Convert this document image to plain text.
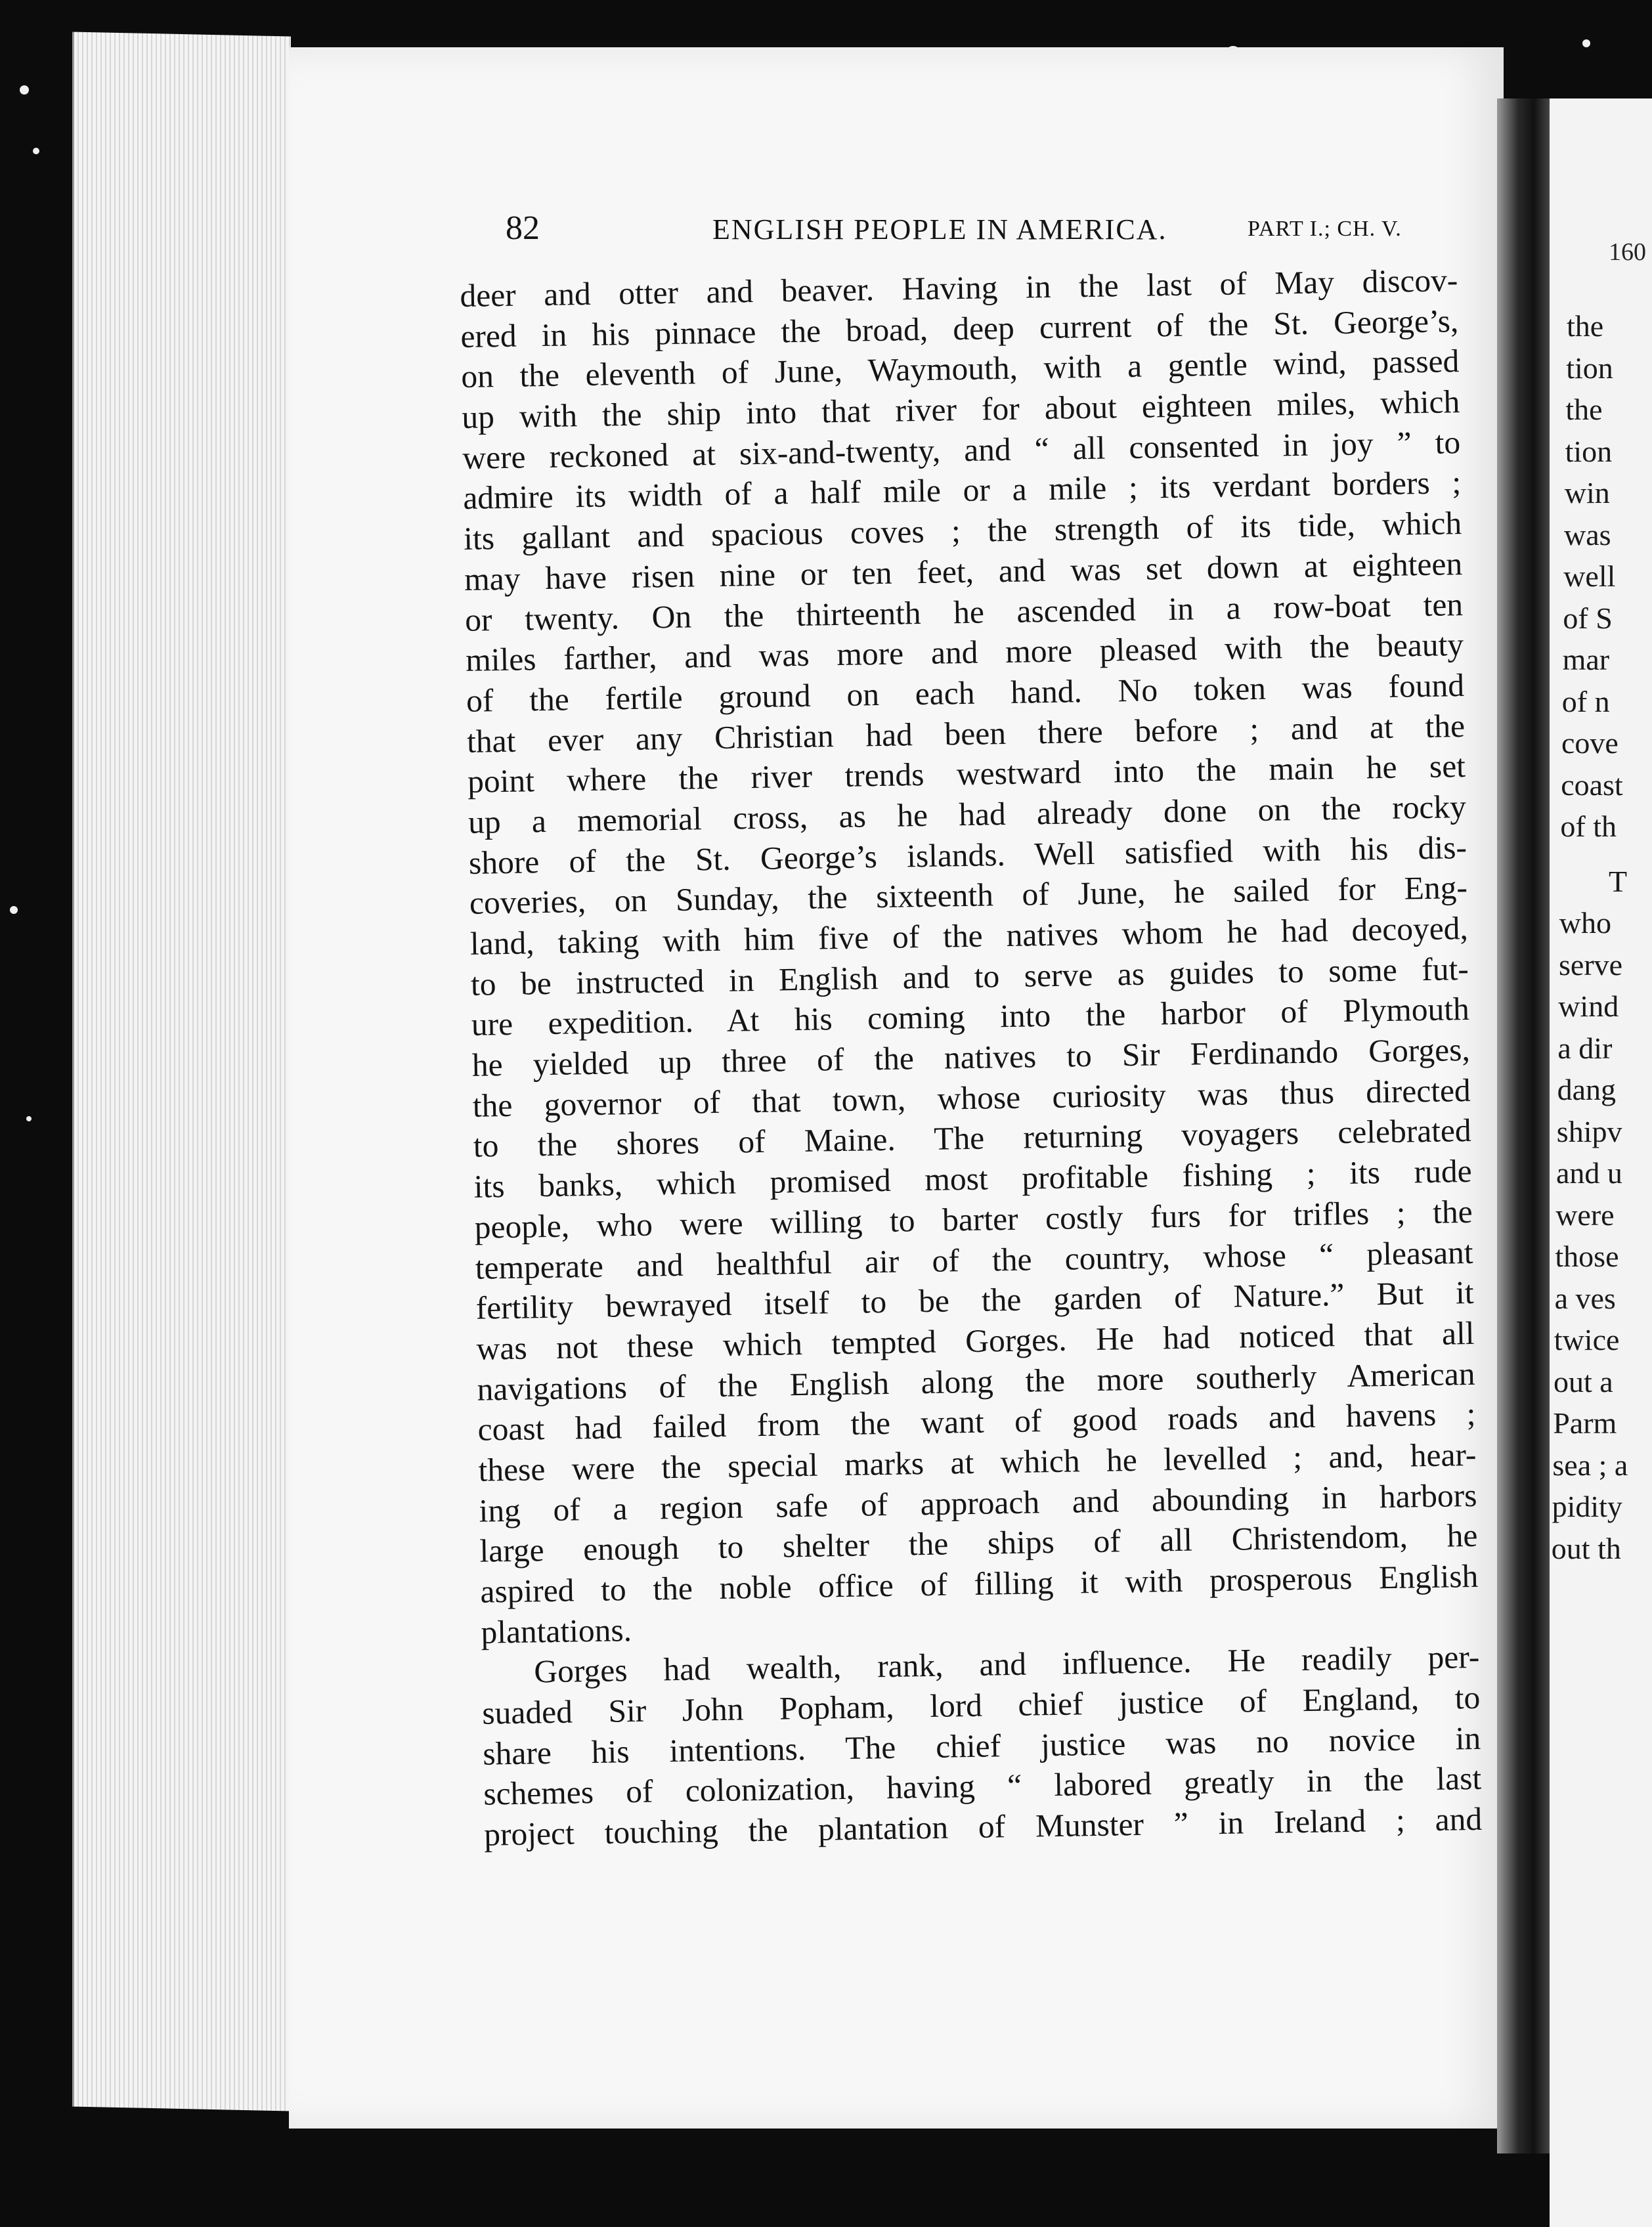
160
the
tion
the
tion
win
was
well
of S
mar
of n
cove
coast
of th
T
who
serve
wind
a dir
dang
shipv
and u
were
those
a ves
twice
out a
Parm
sea ; a
pidity
out th
82	ENGLISH PEOPLE IN AMERICA.	PART I.; CH. V.
deer and otter and beaver. Having in the last of May discov-
ered in his pinnace the broad, deep current of the St. George’s,
on the eleventh of June, Waymouth, with a gentle wind, passed
up with the ship into that river for about eighteen miles, which
were reckoned at six-and-twenty, and “ all consented in joy ” to
admire its width of a half mile or a mile ; its verdant borders ;
its gallant and spacious coves ; the strength of its tide, which
may have risen nine or ten feet, and was set down at eighteen
or twenty. On the thirteenth he ascended in a row-boat ten
miles farther, and was more and more pleased with the beauty
of the fertile ground on each hand. No token was found
that ever any Christian had been there before ; and at the
point where the river trends westward into the main he set
up a memorial cross, as he had already done on the rocky
shore of the St. George’s islands. Well satisfied with his dis-
coveries, on Sunday, the sixteenth of June, he sailed for Eng-
land, taking with him five of the natives whom he had decoyed,
to be instructed in English and to serve as guides to some fut-
ure expedition. At his coming into the harbor of Plymouth
he yielded up three of the natives to Sir Ferdinando Gorges,
the governor of that town, whose curiosity was thus directed
to the shores of Maine. The returning voyagers celebrated
its banks, which promised most profitable fishing ; its rude
people, who were willing to barter costly furs for trifles ; the
temperate and healthful air of the country, whose “ pleasant
fertility bewrayed itself to be the garden of Nature.” But it
was not these which tempted Gorges. He had noticed that all
navigations of the English along the more southerly American
coast had failed from the want of good roads and havens ;
these were the special marks at which he levelled ; and, hear-
ing of a region safe of approach and abounding in harbors
large enough to shelter the ships of all Christendom, he
aspired to the noble office of filling it with prosperous English
plantations.
Gorges had wealth, rank, and influence. He readily per-
suaded Sir John Popham, lord chief justice of England, to
share his intentions. The chief justice was no novice in
schemes of colonization, having “ labored greatly in the last
project touching the plantation of Munster ” in Ireland ; and
